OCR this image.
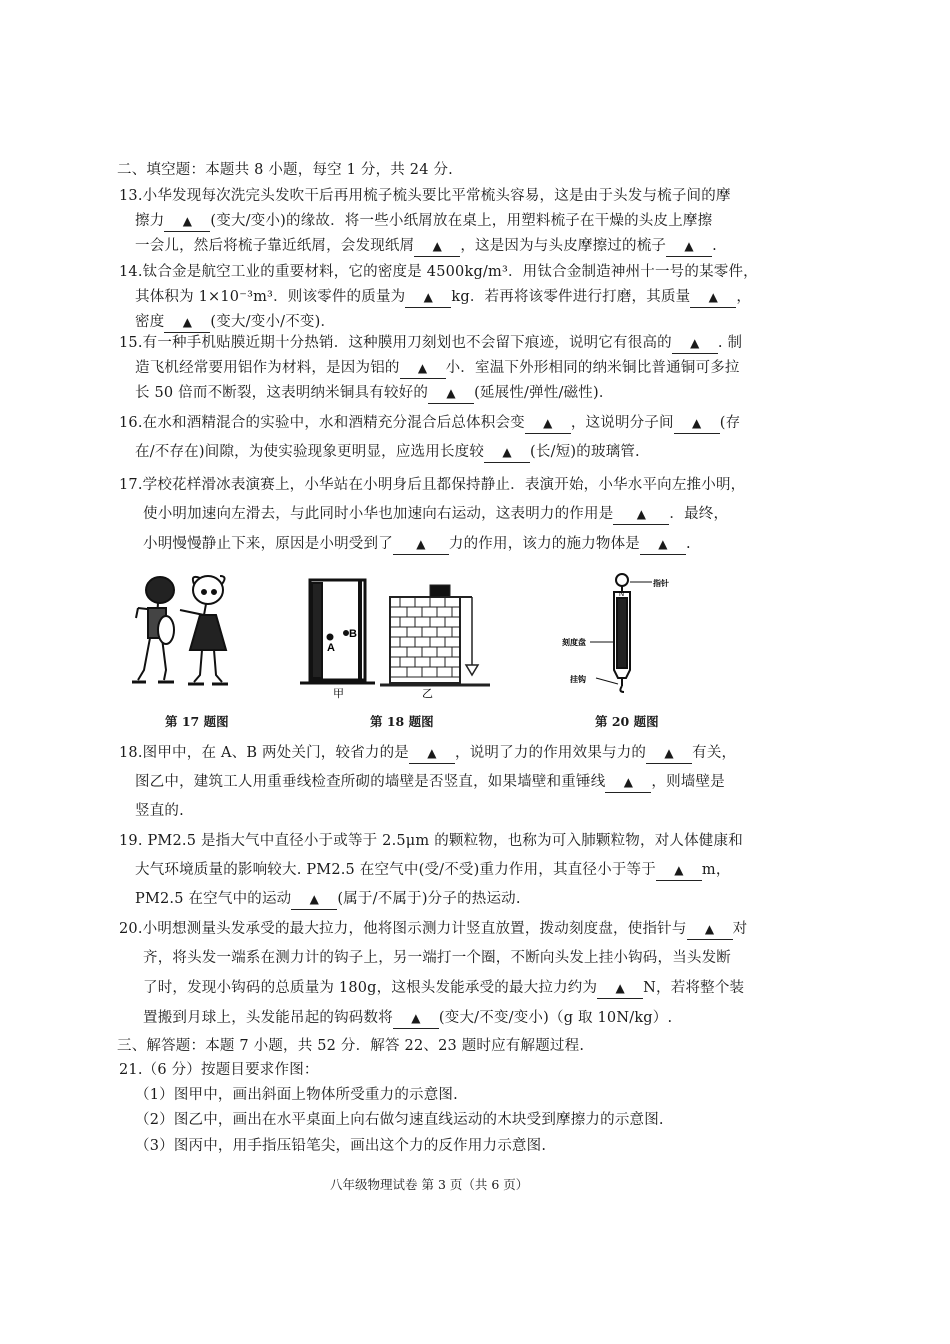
二、填空题：本题共 8 小题，每空 1 分，共 24 分.
13.小华发现每次洗完头发吹干后再用梳子梳头要比平常梳头容易，这是由于头发与梳子间的摩
擦力 ▲ (变大/变小)的缘故．将一些小纸屑放在桌上，用塑料梳子在干燥的头皮上摩擦
一会儿，然后将梳子靠近纸屑，会发现纸屑 ▲ ，这是因为与头皮摩擦过的梳子 ▲ .
14.钛合金是航空工业的重要材料，它的密度是 4500kg/m³．用钛合金制造神州十一号的某零件，
其体积为 1×10⁻³m³．则该零件的质量为 ▲ kg．若再将该零件进行打磨，其质量 ▲ ，
密度 ▲ (变大/变小/不变)．
15.有一种手机贴膜近期十分热销．这种膜用刀刻划也不会留下痕迹，说明它有很高的 ▲ . 制
造飞机经常要用铝作为材料，是因为铝的 ▲ 小．室温下外形相同的纳米铜比普通铜可多拉
长 50 倍而不断裂，这表明纳米铜具有较好的 ▲ (延展性/弹性/磁性)．
16.在水和酒精混合的实验中，水和酒精充分混合后总体积会变 ▲ ，这说明分子间 ▲ (存
在/不存在)间隙，为使实验现象更明显，应选用长度较 ▲ (长/短)的玻璃管.
17.学校花样滑冰表演赛上，小华站在小明身后且都保持静止．表演开始，小华水平向左推小明，
使小明加速向左滑去，与此同时小华也加速向右运动，这表明力的作用是 ▲ ．最终，
小明慢慢静止下来，原因是小明受到了 ▲ 力的作用，该力的施力物体是 ▲ .
A
B
甲	乙
N
指针
刻度盘
挂钩
第 17 题图	第 18 题图	第 20 题图
18.图甲中，在 A、B 两处关门，较省力的是 ▲ ，说明了力的作用效果与力的 ▲ 有关，
图乙中，建筑工人用重垂线检查所砌的墙壁是否竖直，如果墙壁和重锤线 ▲ ，则墙壁是
竖直的.
19. PM2.5 是指大气中直径小于或等于 2.5μm 的颗粒物，也称为可入肺颗粒物，对人体健康和
大气环境质量的影响较大. PM2.5 在空气中(受/不受)重力作用，其直径小于等于 ▲ m，
PM2.5 在空气中的运动 ▲ (属于/不属于)分子的热运动.
20.小明想测量头发承受的最大拉力，他将图示测力计竖直放置，拨动刻度盘，使指针与 ▲ 对
齐，将头发一端系在测力计的钩子上，另一端打一个圈，不断向头发上挂小钩码，当头发断
了时，发现小钩码的总质量为 180g，这根头发能承受的最大拉力约为 ▲ N，若将整个装
置搬到月球上，头发能吊起的钩码数将 ▲ (变大/不变/变小)（g 取 10N/kg）.
三、解答题：本题 7 小题，共 52 分．解答 22、23 题时应有解题过程.
21.（6 分）按题目要求作图：
（1）图甲中，画出斜面上物体所受重力的示意图.
（2）图乙中，画出在水平桌面上向右做匀速直线运动的木块受到摩擦力的示意图.
（3）图丙中，用手指压铅笔尖，画出这个力的反作用力示意图.
八年级物理试卷 第 3 页（共 6 页）
